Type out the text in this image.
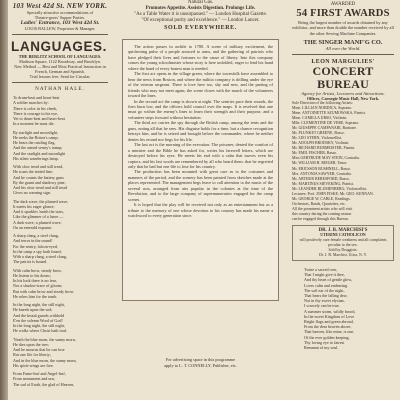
103 West 42d St. NEW YORK.
Specially attractive accommodations of
Theatre-goers' Supper Parties.
Ladies' Entrance, 103 West 42d St.
LOUIS BALLEW, Proprietor & Manager.
LANGUAGES.
THE BERLITZ SCHOOL OF LANGUAGES.
Madison Square, 1122 Broadway, and Brooklyn.
New Method — Best and Most Practical Instruction in French, German and Spanish.
Trial lessons free. Send for Circular.
NATHAN HALE.
To drum-beat and heart-beat
A soldier marches by:
There is color in his cheek,
There is courage in his eye,
Yet to drum-beat and heart-beat
In a moment he must die.
By starlight and moonlight,
He seeks the Briton's camp;
He hears the rustling flag,
And the armed sentry's tramp;
And the starlight and moonlight
His silent wanderings lamp.
With slow tread and still tread,
He scans the tented line;
And he counts the battery guns
By the gaunt and shadowy pine;
And his slow tread and still tread
Gives no warning sign.
The dark wave, the plumed wave,
It meets his eager glance;
And it sparkles 'neath the stars,
Like the glimmer of a lance —
A dark wave, a plumed wave,
On an emerald expanse.
A sharp clang, a steel clang,
And terror in the sound!
For the sentry, falcon-eyed,
In the camp a spy hath found;
With a sharp clang, a steel clang,
The patriot is bound.
With calm brow, steady brow,
He listens to his doom;
In his look there is no fear,
Nor a shadow-trace of gloom;
But with calm brow and steady brow
He robes him for the tomb.
In the long night, the still night,
He kneels upon the sod;
And the brutal guards withhold
E'en the solemn Word of God!
In the long night, the still night,
He walks where Christ hath trod.
'Neath the blue morn, the sunny morn,
He dies upon the tree;
And he mourns that he can lose
But one life for liberty;
And in the blue morn, the sunny morn,
His spirit-wings are free.
From Fame-leaf and Angel-leaf,
From monument and urn,
The sad of Earth, the glad of Heaven,
Natural Gas.
Promotes Appetite. Assists Digestion. Prolongs Life.
"As a Table Water it is unsurpassed." — London Hospital Gazette.
"Of exceptional purity and excellence." — London Lancet.
SOLD EVERYWHERE.

The action passes in awhile to 1780. A scene of military excitement, the quickening pulse of a people aroused to arms, and the gathering of patriots who have pledged their lives and fortunes to the cause of liberty. Into this company comes the young schoolmaster whose story is here unfolded, eager to lend his hand where the hand of every honest man is needed.

The first act opens in the village green, where the townsfolk have assembled to hear the news from Boston, and where the militia company is drilling under the eye of the veteran sergeant. There is love here too, shy and new, and the parting of friends who may not meet again; the scene closes with the march of the volunteers toward the lines.

In the second act the camp is shown at night. The sentries pace their rounds, the fires burn low, and the officers hold council over the maps. It is resolved that one must go within the enemy's lines to learn their strength and their purpose, and a volunteer steps forward without hesitation.

The third act carries the spy through the British camp, among the tents and the guns, noting all that he sees. His disguise holds for a time, but a chance recognition betrays him, and he is seized and brought before the commander, where he neither denies his errand nor begs for his life.

The last act is the morning of the execution. The prisoner, denied the comfort of a minister and the Bible he has asked for, writes his farewell letters, which are destroyed before his eyes. He meets his end with a calm that moves even his captors, and his last words are remembered by all who heard them: that he regretted only that he had but one life to lose for his country.

The production has been mounted with great care as to the costumes and manners of the period, and the scenery has been painted from sketches made at the places represented. The management begs leave to call attention to the music of the several acts, arranged from airs popular in the colonies at the time of the Revolution, and to the large company of supernumeraries engaged for the camp scenes.

It is hoped that the play will be received not only as an entertainment but as a tribute to the memory of one whose devotion to his country has made his name a watchword to every generation since.

For advertising space in this programme
apply to L. T. CONNELLY, Publisher, etc.
AWARDED
54 FIRST AWARDS
Being the largest number of awards obtained by any exhibitor, and more than double the number received by all the other Sewing Machine Companies.
THE SINGER MANF'G CO.
All over the World.
LEON MARGULIES'
CONCERT BUREAU
Agency for Artists, Lecturers and Attractions.
Offices, Carnegie Music Hall, New York.
Sole Direction of the following Artists:
Mme. LILLIAN NORDICA, Soprano.
Mme. ANTOINETTE SZUMOWSKA, Pianist.
Mme. CAMILLA URSO, Violinist.
Mlle. CLEMENTINE DE VERE, Soprano.
Mr. GIUSEPPE CAMPANARI, Baritone.
Mr. PLUNKET GREENE, Basso.
Mr. LEO STERN, Violoncellist.
Mr. ADOLPH BRODSKY, Violinist.
Mr. RICHARD BURMEISTER, Pianist.
Mr. EMIL FISCHER, Basso.
Miss GERTRUDE MAY STEIN, Contralto.
Mr. WILLIAM H. RIEGER, Tenor.
Mr. ERICSSON BUSHNELL, Basso.
Mrs. ANTONIA SAWYER, Contralto.
Mr. ARTHUR BERESFORD, Basso.
Mr. MARTINUS SIEVEKING, Pianist.
Mr. LEANDER BLUMENBERG, Violoncellist.
Lectures: Prof. JOHN FISKE; Mr. GEO. KENNAN.
Mr. GEORGE W. CABLE, Readings.
Orchestras, Bands, Quartettes, etc.
All the prominent artists who will visit
this country during the coming season
can be engaged through this Bureau.
DR. J. B. MARCHISI'S
UTERINE CATHOLICON
will positively cure female weakness and all complaints peculiar to the sex.
Sold by Druggists.
Dr. J. B. Marchisi, Utica, N. Y.
Twine a sacred rose,
That I might give it thee,
And thy heart of gentle glow,
Loves calm and endearing.
The soft ear of the night,
That hears the falling dew,
Not in thy sweet elysian,
I scarcely can be true.
A summer storm, wildly brood,
In the sweet Kingdom of Love
Bright flags and green abroad,
From the dear heaven above,
That heaven, like mine, is one,
Of the ever golden keeping,
Thy loving eye to fairest
Remnant of my soul.
